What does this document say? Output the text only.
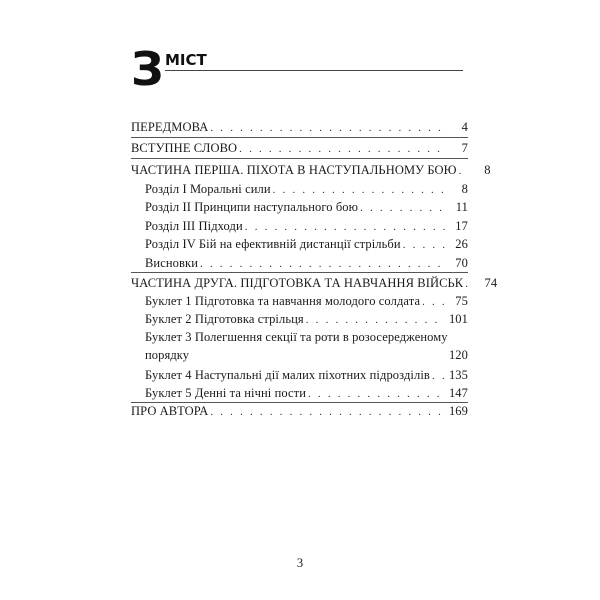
З МІСТ
ПЕРЕДМОВА . . .	4
ВСТУПНЕ СЛОВО . . .	7
ЧАСТИНА ПЕРША. ПІХОТА В НАСТУПАЛЬНОМУ БОЮ . . .	8
Розділ І Моральні сили . . .	8
Розділ ІІ Принципи наступального бою . . .	11
Розділ ІІІ Підходи . . .	17
Розділ IV Бій на ефективній дистанції стрільби . . .	26
Висновки . . .	70
ЧАСТИНА ДРУГА. ПІДГОТОВКА ТА НАВЧАННЯ ВІЙСЬК . . .	74
Буклет 1 Підготовка та навчання молодого солдата . . .	75
Буклет 2 Підготовка стрільця . . .	101
Буклет 3 Полегшення секції та роти в розосередженому
порядку	120
Буклет 4 Наступальні дії малих піхотних підрозділів . . .	135
Буклет 5 Денні та нічні пости . . .	147
ПРО АВТОРА . . .	169
3
